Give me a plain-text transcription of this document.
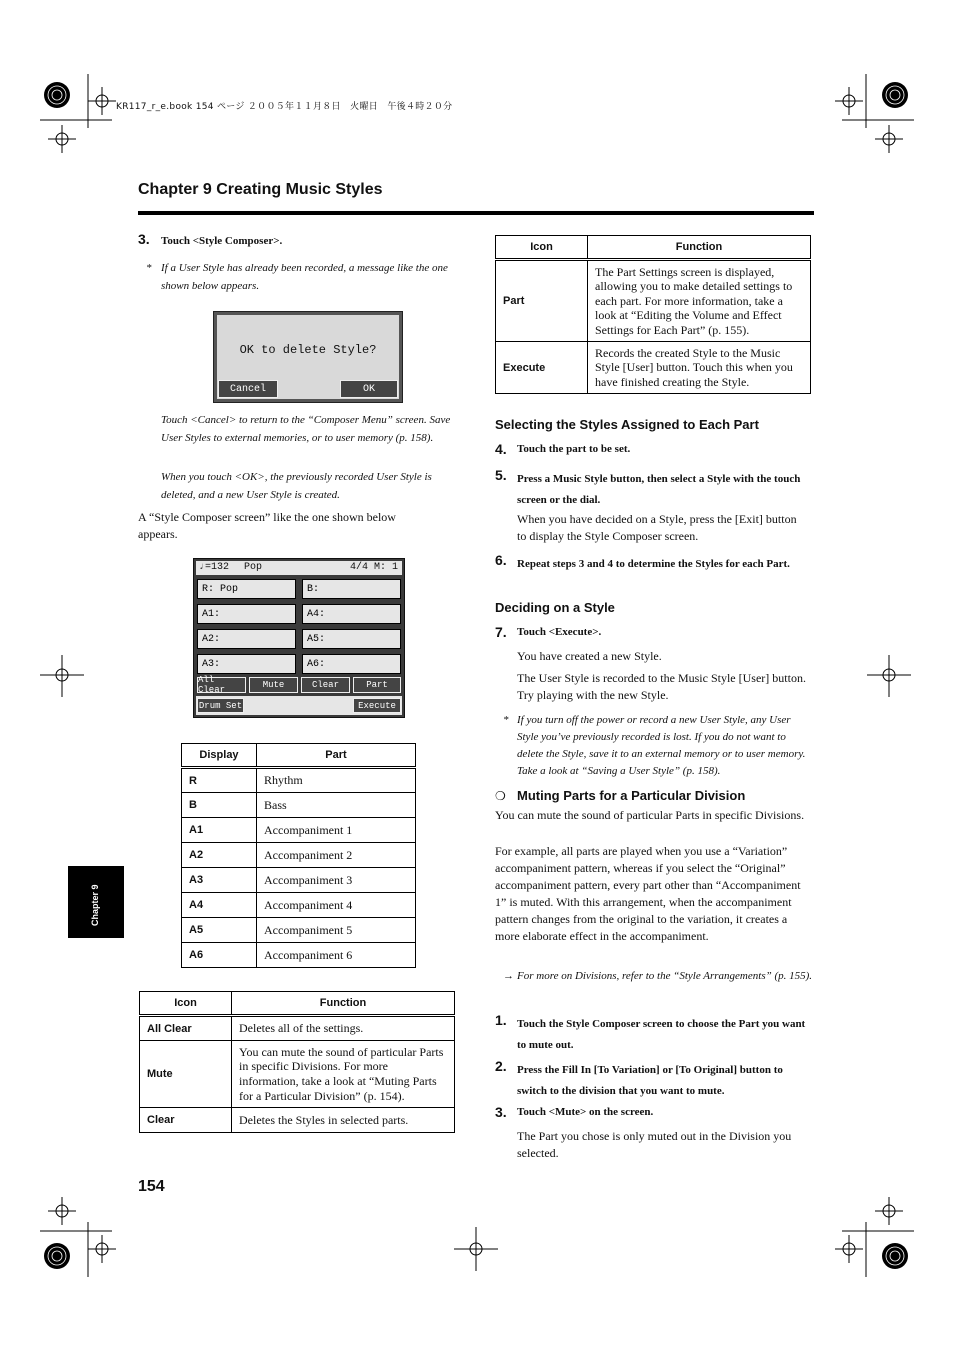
KR117_r_e.book 154 ページ ２００５年１１月８日　火曜日　午後４時２０分
Chapter 9 Creating Music Styles
Chapter 9
3. Touch <Style Composer>.
* If a User Style has already been recorded, a message like the one shown below appears.
OK to delete Style?
Cancel	OK
Touch <Cancel> to return to the “Composer Menu” screen. Save User Styles to external memories, or to user memory (p. 158).
When you touch <OK>, the previously recorded User Style is deleted, and a new User Style is created.
A “Style Composer screen” like the one shown below appears.
♩=132 Pop	4/4 M: 1
R: Pop	B:
A1:	A4:
A2:	A5:
A3:	A6:
All Clear	Mute	Clear	Part
Drum Set	Execute
Display	Part
R	Rhythm
B	Bass
A1	Accompaniment 1
A2	Accompaniment 2
A3	Accompaniment 3
A4	Accompaniment 4
A5	Accompaniment 5
A6	Accompaniment 6
Icon	Function
All Clear	Deletes all of the settings.
Mute	You can mute the sound of particular Parts in specific Divisions. For more information, take a look at “Muting Parts for a Particular Division” (p. 154).
Clear	Deletes the Styles in selected parts.
154
Icon	Function
Part	The Part Settings screen is displayed, allowing you to make detailed settings to each part. For more information, take a look at “Editing the Volume and Effect Settings for Each Part” (p. 155).
Execute	Records the created Style to the Music Style [User] button. Touch this when you have finished creating the Style.
Selecting the Styles Assigned to Each Part
4. Touch the part to be set.
5. Press a Music Style button, then select a Style with the touch screen or the dial.
When you have decided on a Style, press the [Exit] button to display the Style Composer screen.
6. Repeat steps 3 and 4 to determine the Styles for each Part.
Deciding on a Style
7. Touch <Execute>.
You have created a new Style.
The User Style is recorded to the Music Style [User] button. Try playing with the new Style.
* If you turn off the power or record a new User Style, any User Style you’ve previously recorded is lost. If you do not want to delete the Style, save it to an external memory or to user memory. Take a look at “Saving a User Style” (p. 158).
❍ Muting Parts for a Particular Division
You can mute the sound of particular Parts in specific Divisions.
For example, all parts are played when you use a “Variation” accompaniment pattern, whereas if you select the “Original” accompaniment pattern, every part other than “Accompaniment 1” is muted. With this arrangement, when the accompaniment pattern changes from the original to the variation, it creates a more elaborate effect in the accompaniment.
→ For more on Divisions, refer to the “Style Arrangements” (p. 155).
1. Touch the Style Composer screen to choose the Part you want to mute out.
2. Press the Fill In [To Variation] or [To Original] button to switch to the division that you want to mute.
3. Touch <Mute> on the screen.
The Part you chose is only muted out in the Division you selected.
